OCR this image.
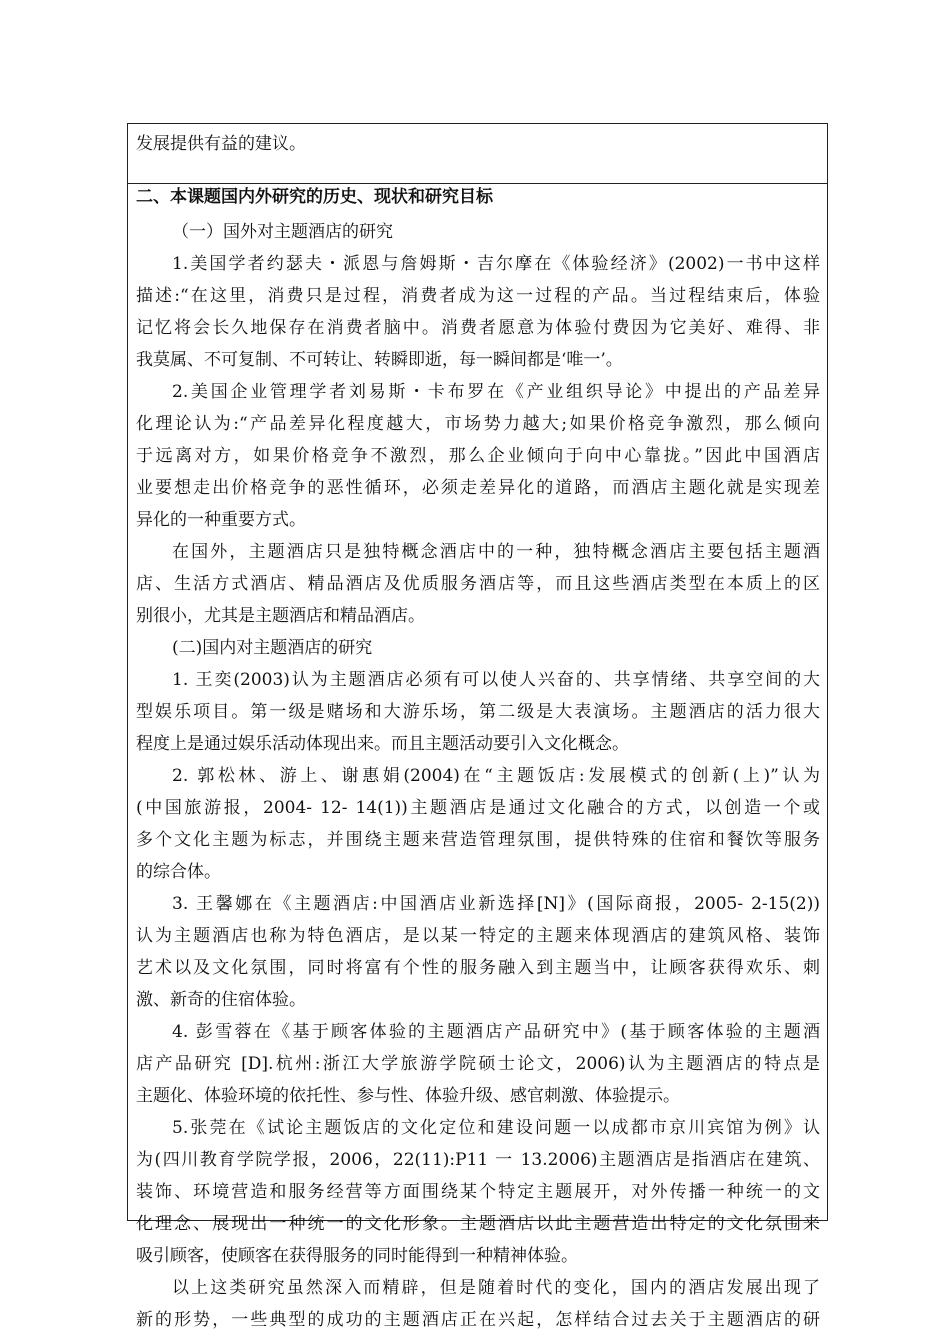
发展提供有益的建议。
二、本课题国内外研究的历史、现状和研究目标
（一）国外对主题酒店的研究
1.美国学者约瑟夫・派恩与詹姆斯・吉尔摩在《体验经济》(2002)一书中这样
描述:“在这里，消费只是过程，消费者成为这一过程的产品。当过程结束后，体验
记忆将会长久地保存在消费者脑中。消费者愿意为体验付费因为它美好、难得、非
我莫属、不可复制、不可转让、转瞬即逝，每一瞬间都是‘唯一’。
2.美国企业管理学者刘易斯・卡布罗在《产业组织导论》中提出的产品差异
化理论认为:“产品差异化程度越大，市场势力越大;如果价格竞争激烈，那么倾向
于远离对方，如果价格竞争不激烈，那么企业倾向于向中心靠拢。”因此中国酒店
业要想走出价格竞争的恶性循环，必须走差异化的道路，而酒店主题化就是实现差
异化的一种重要方式。
在国外，主题酒店只是独特概念酒店中的一种，独特概念酒店主要包括主题酒
店、生活方式酒店、精品酒店及优质服务酒店等，而且这些酒店类型在本质上的区
别很小，尤其是主题酒店和精品酒店。
(二)国内对主题酒店的研究
1. 王奕(2003)认为主题酒店必须有可以使人兴奋的、共享情绪、共享空间的大
型娱乐项目。第一级是赌场和大游乐场，第二级是大表演场。主题酒店的活力很大
程度上是通过娱乐活动体现出来。而且主题活动要引入文化概念。
2. 郭松林、游上、谢惠娟(2004)在“主题饭店:发展模式的创新(上)”认为
(中国旅游报，2004- 12- 14(1))主题酒店是通过文化融合的方式，以创造一个或
多个文化主题为标志，并围绕主题来营造管理氛围，提供特殊的住宿和餐饮等服务
的综合体。
3. 王馨娜在《主题酒店:中国酒店业新选择[N]》(国际商报，2005- 2-15(2))
认为主题酒店也称为特色酒店，是以某一特定的主题来体现酒店的建筑风格、装饰
艺术以及文化氛围，同时将富有个性的服务融入到主题当中，让顾客获得欢乐、刺
激、新奇的住宿体验。
4. 彭雪蓉在《基于顾客体验的主题酒店产品研究中》(基于顾客体验的主题酒
店产品研究 [D].杭州:浙江大学旅游学院硕士论文，2006)认为主题酒店的特点是
主题化、体验环境的依托性、参与性、体验升级、感官刺激、体验提示。
5.张莞在《试论主题饭店的文化定位和建设问题一以成都市京川宾馆为例》认
为(四川教育学院学报，2006，22(11):P11 一 13.2006)主题酒店是指酒店在建筑、
装饰、环境营造和服务经营等方面围绕某个特定主题展开，对外传播一种统一的文
化理念、展现出一种统一的文化形象。主题酒店以此主题营造出特定的文化氛围来
吸引顾客，使顾客在获得服务的同时能得到一种精神体验。
以上这类研究虽然深入而精辟，但是随着时代的变化，国内的酒店发展出现了
新的形势，一些典型的成功的主题酒店正在兴起，怎样结合过去关于主题酒店的研
